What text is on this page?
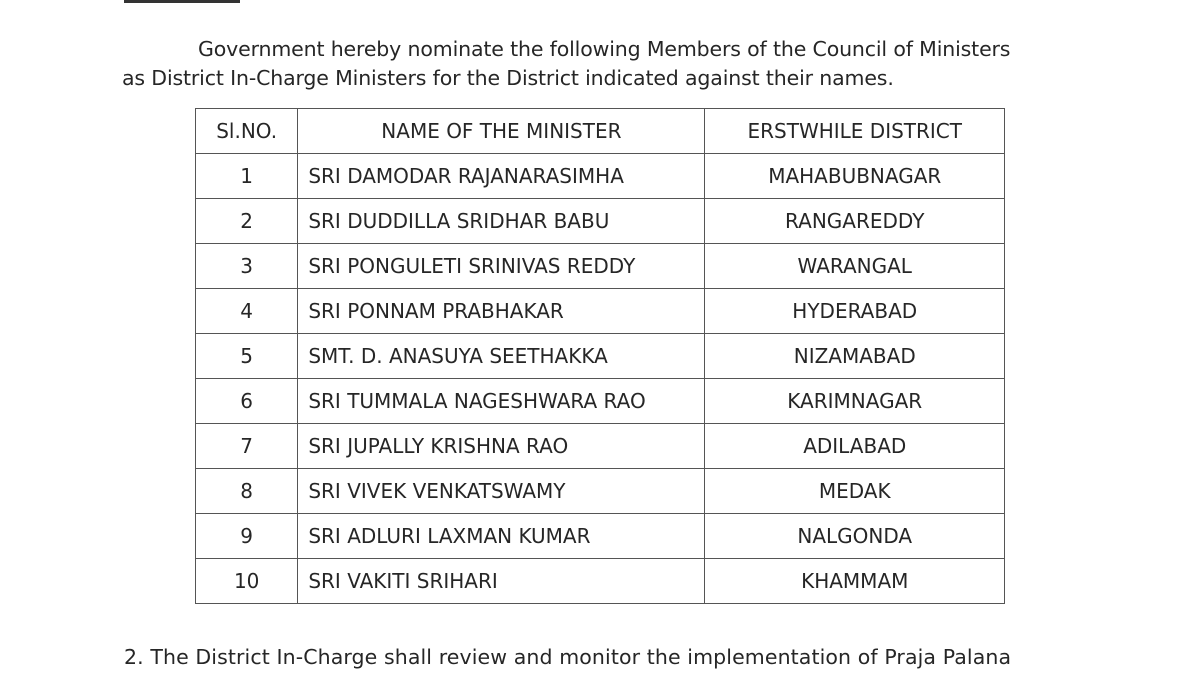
Government hereby nominate the following Members of the Council of Ministers
as District In-Charge Ministers for the District indicated against their names.
Sl.NO.	NAME OF THE MINISTER	ERSTWHILE DISTRICT
1	SRI DAMODAR RAJANARASIMHA	MAHABUBNAGAR
2	SRI DUDDILLA SRIDHAR BABU	RANGAREDDY
3	SRI PONGULETI SRINIVAS REDDY	WARANGAL
4	SRI PONNAM PRABHAKAR	HYDERABAD
5	SMT. D. ANASUYA SEETHAKKA	NIZAMABAD
6	SRI TUMMALA NAGESHWARA RAO	KARIMNAGAR
7	SRI JUPALLY KRISHNA RAO	ADILABAD
8	SRI VIVEK VENKATSWAMY	MEDAK
9	SRI ADLURI LAXMAN KUMAR	NALGONDA
10	SRI VAKITI SRIHARI	KHAMMAM
2. The District In-Charge shall review and monitor the implementation of Praja Palana
